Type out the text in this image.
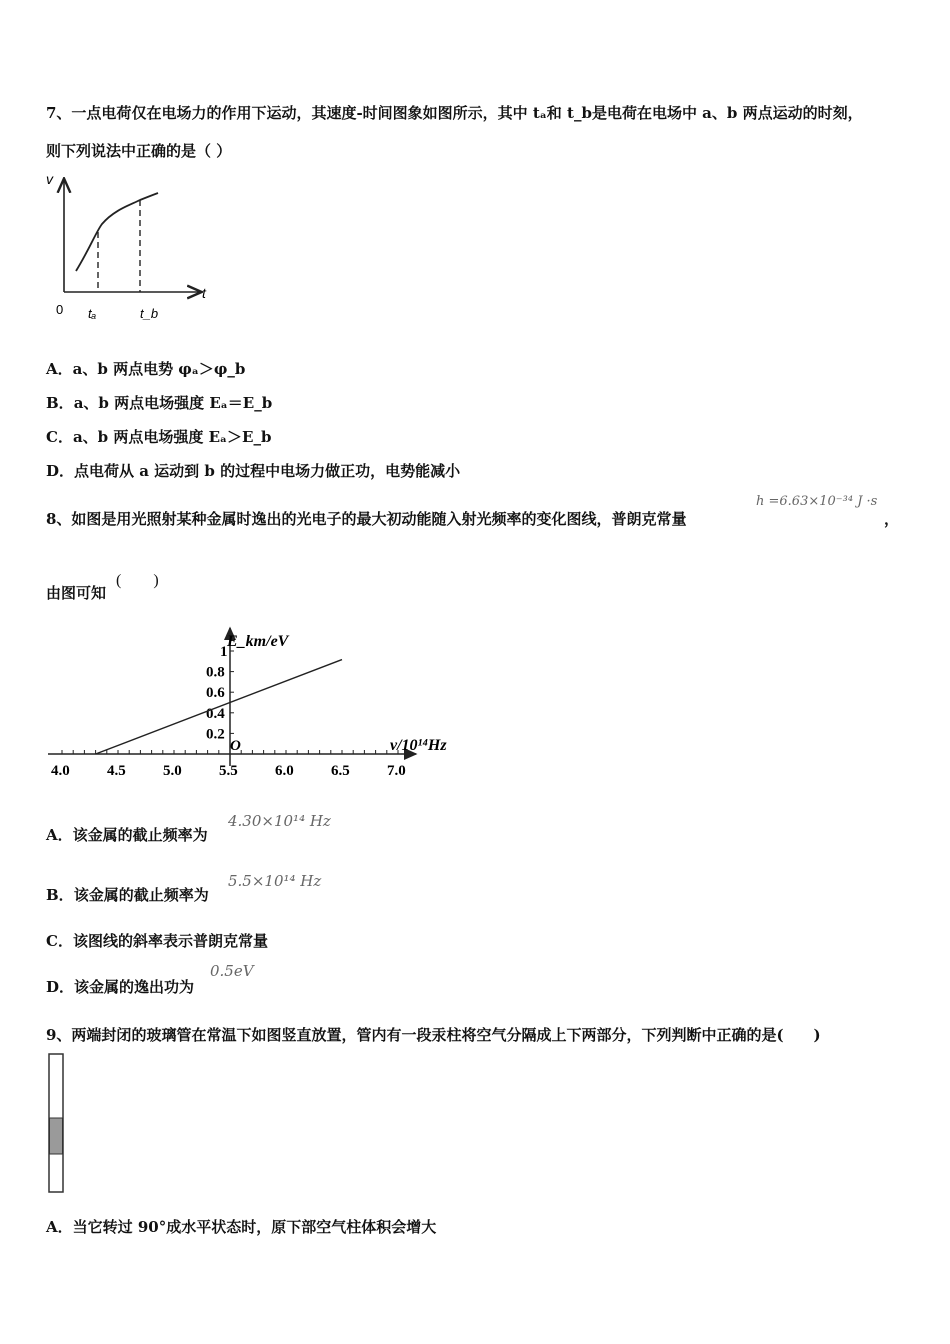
7、一点电荷仅在电场力的作用下运动，其速度-时间图象如图所示，其中 tₐ和 t_b是电荷在电场中 a、b 两点运动的时刻，
则下列说法中正确的是（ ）
v
t
0 tₐ	t_b
A．a、b 两点电势 φₐ＞φ_b
B．a、b 两点电场强度 Eₐ＝E_b
C．a、b 两点电场强度 Eₐ＞E_b
D．点电荷从 a 运动到 b 的过程中电场力做正功，电势能减小
8、如图是用光照射某种金属时逸出的光电子的最大初动能随入射光频率的变化图线，普朗克常量
h =6.63×10⁻³⁴ J ·s
，
由图可知
(　　)
4.0 4.5 5.0 5.5 6.0 6.5 7.0
1
0.8
0.6
0.4
0.2
E_km/eV
ν/10¹⁴Hz
O
A．该金属的截止频率为
4.30×10¹⁴ Hz
B．该金属的截止频率为
5.5×10¹⁴ Hz
C．该图线的斜率表示普朗克常量
D．该金属的逸出功为
0.5eV
9、两端封闭的玻璃管在常温下如图竖直放置，管内有一段汞柱将空气分隔成上下两部分，下列判断中正确的是(　　)
A．当它转过 90°成水平状态时，原下部空气柱体积会增大
